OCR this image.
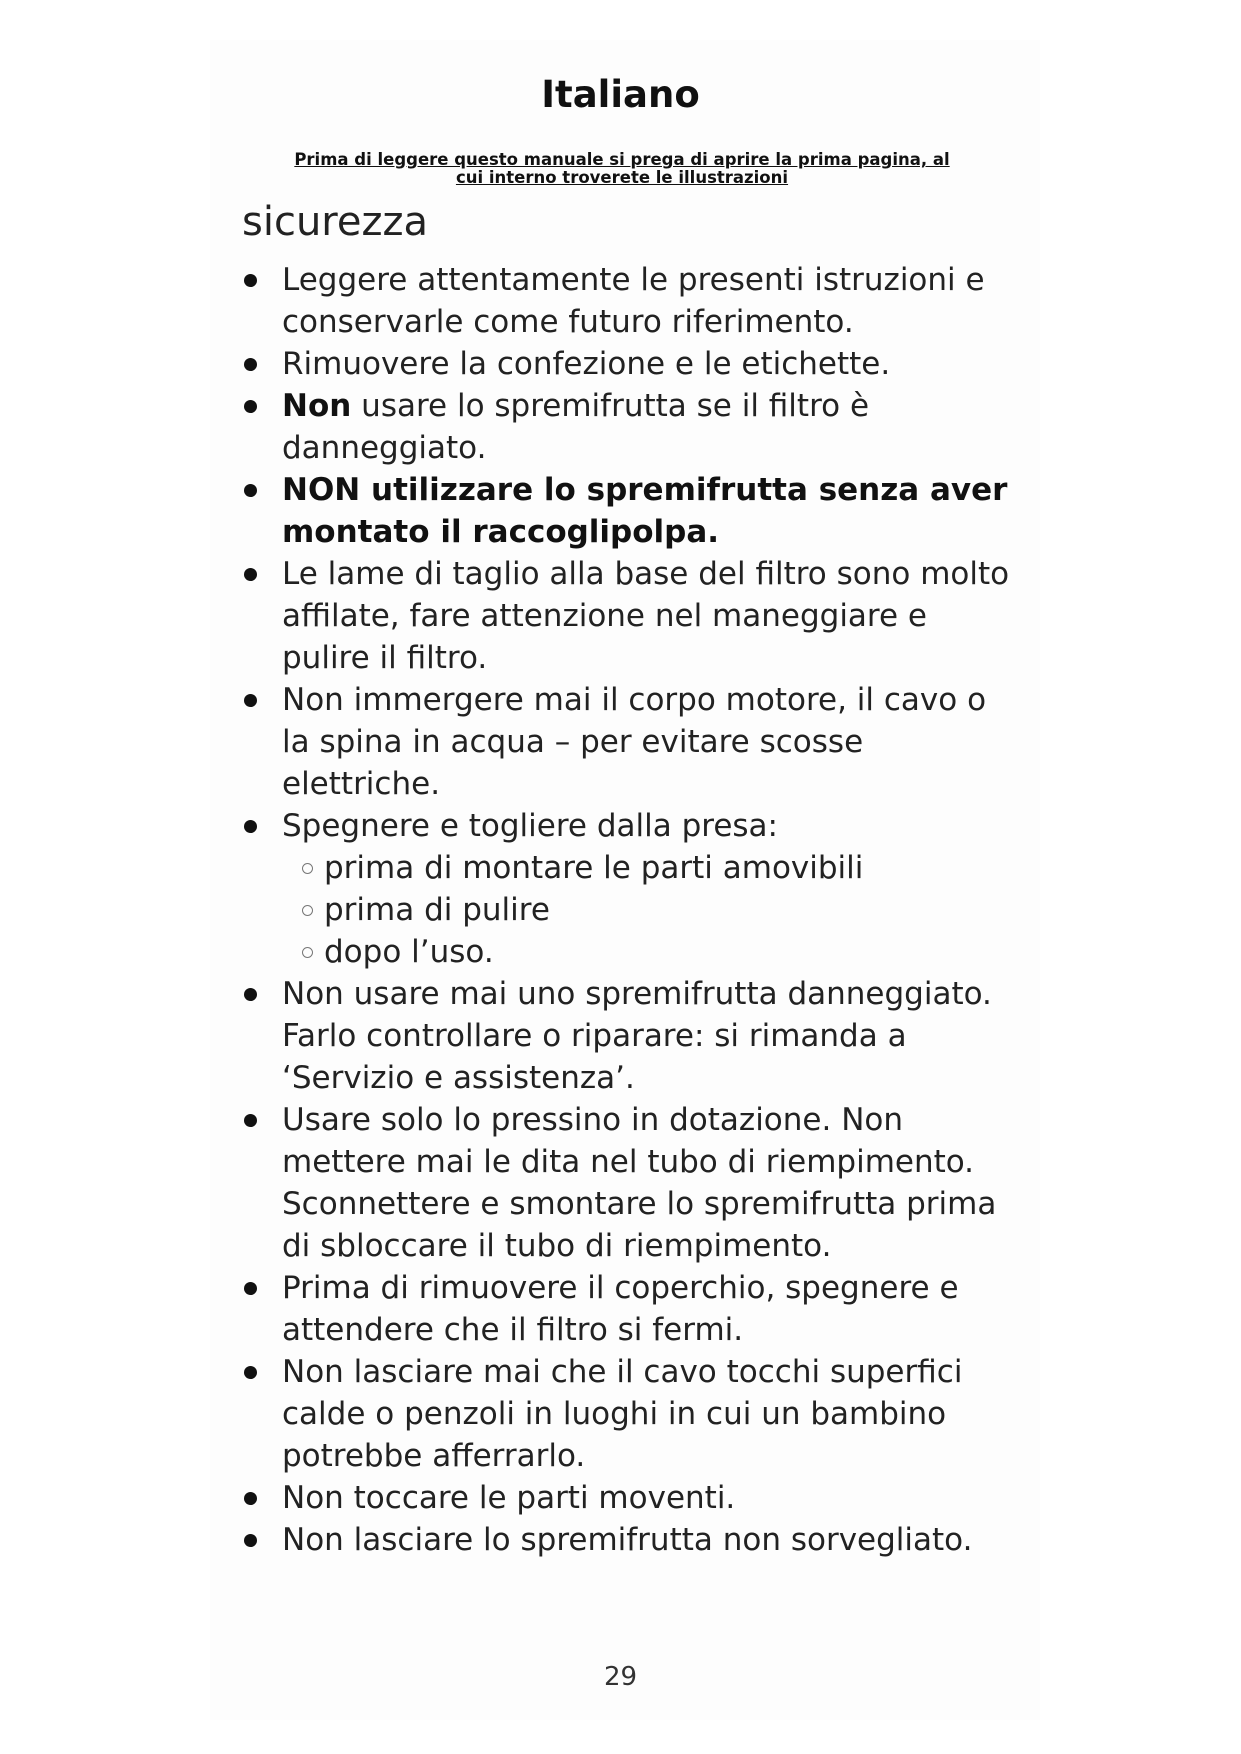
Italiano
Prima di leggere questo manuale si prega di aprire la prima pagina, al
cui interno troverete le illustrazioni
sicurezza
Leggere attentamente le presenti istruzioni e conservarle come futuro riferimento.
Rimuovere la confezione e le etichette.
Non usare lo spremifrutta se il filtro è danneggiato.
NON utilizzare lo spremifrutta senza aver montato il raccoglipolpa.
Le lame di taglio alla base del filtro sono molto affilate, fare attenzione nel maneggiare e pulire il filtro.
Non immergere mai il corpo motore, il cavo o la spina in acqua – per evitare scosse elettriche.
Spegnere e togliere dalla presa:
prima di montare le parti amovibili
prima di pulire
dopo l’uso.
Non usare mai uno spremifrutta danneggiato. Farlo controllare o riparare: si rimanda a ‘Servizio e assistenza’.
Usare solo lo pressino in dotazione. Non mettere mai le dita nel tubo di riempimento. Sconnettere e smontare lo spremifrutta prima di sbloccare il tubo di riempimento.
Prima di rimuovere il coperchio, spegnere e attendere che il filtro si fermi.
Non lasciare mai che il cavo tocchi superfici calde o penzoli in luoghi in cui un bambino potrebbe afferrarlo.
Non toccare le parti moventi.
Non lasciare lo spremifrutta non sorvegliato.
29
